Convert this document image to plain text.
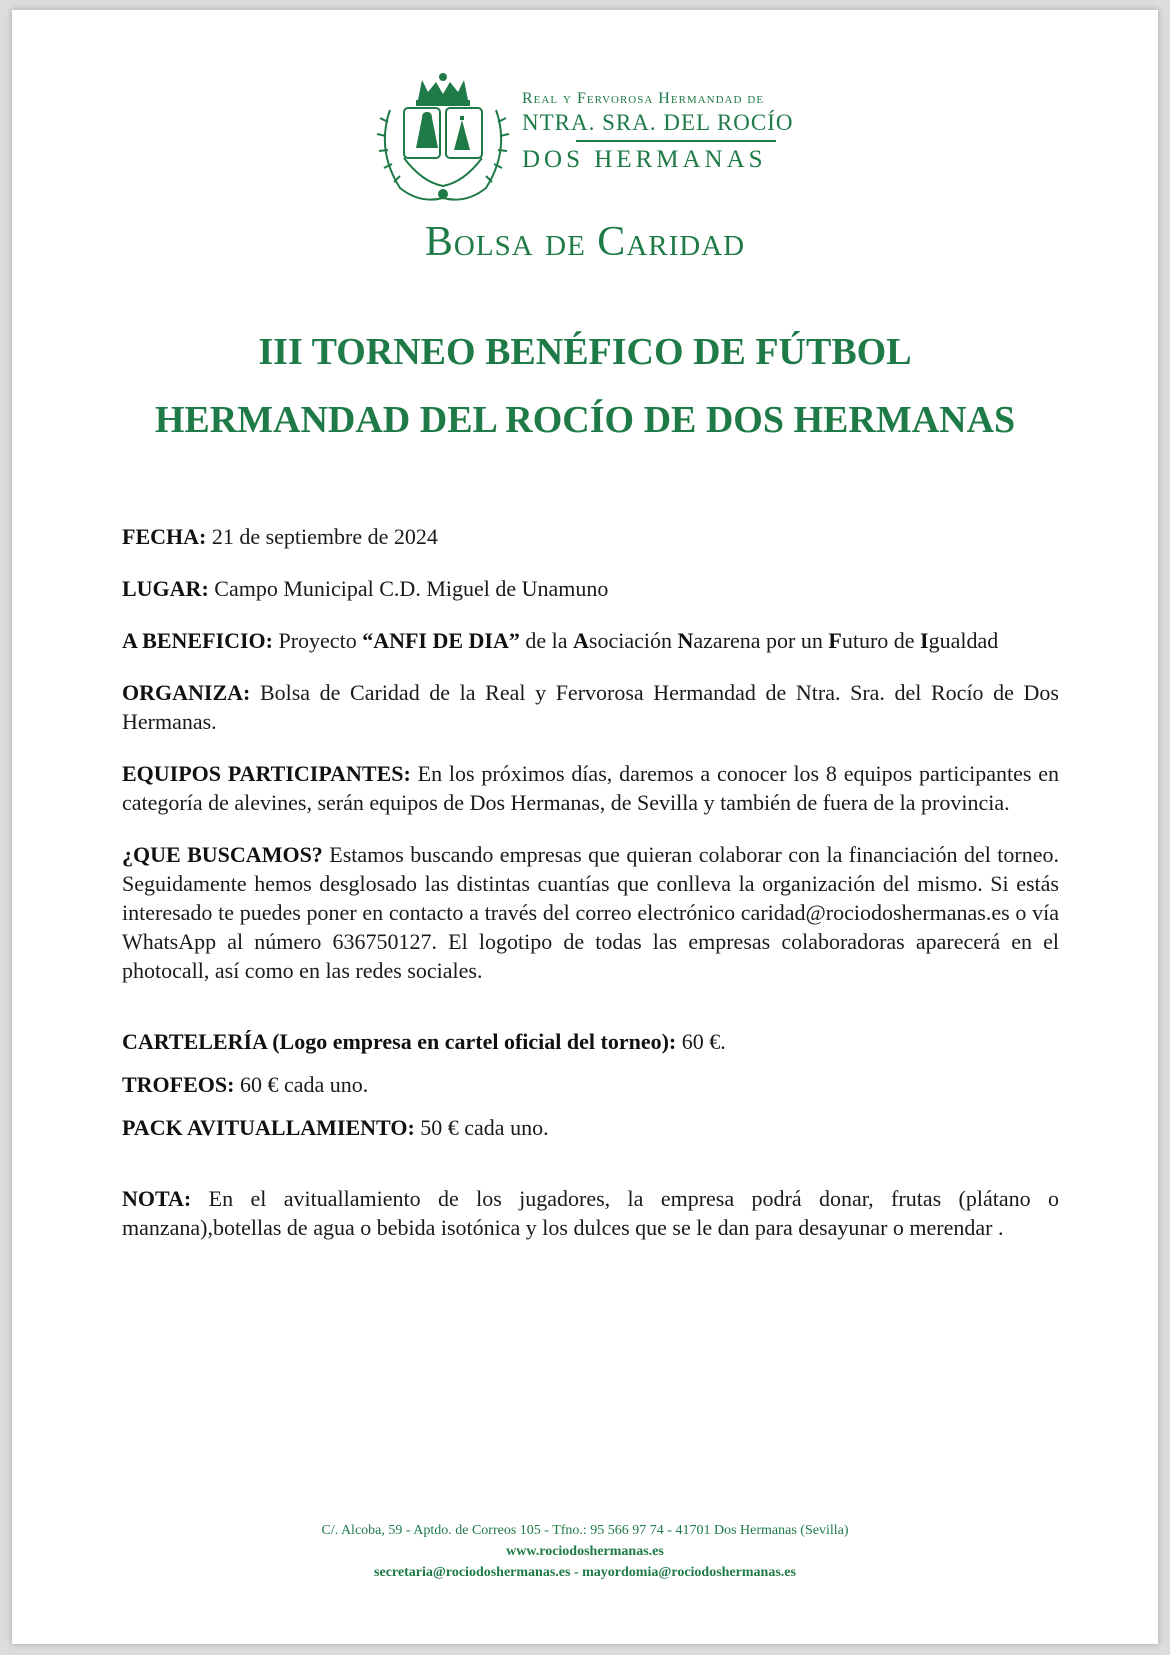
Real y Fervorosa Hermandad de
NTRA. SRA. DEL ROCÍO
DOS HERMANAS
Bolsa de Caridad
III TORNEO BENÉFICO DE FÚTBOL
HERMANDAD DEL ROCÍO DE DOS HERMANAS

FECHA: 21 de septiembre de 2024

LUGAR: Campo Municipal C.D. Miguel de Unamuno

A BENEFICIO: Proyecto “ANFI DE DIA” de la Asociación Nazarena por un Futuro de Igualdad

ORGANIZA: Bolsa de Caridad de la Real y Fervorosa Hermandad de Ntra. Sra. del Rocío de Dos Hermanas.

EQUIPOS PARTICIPANTES: En los próximos días, daremos a conocer los 8 equipos participantes en categoría de alevines, serán equipos de Dos Hermanas, de Sevilla y también de fuera de la provincia.

¿QUE BUSCAMOS? Estamos buscando empresas que quieran colaborar con la financiación del torneo. Seguidamente hemos desglosado las distintas cuantías que conlleva la organización del mismo. Si estás interesado te puedes poner en contacto a través del correo electrónico caridad@rociodoshermanas.es o vía WhatsApp al número 636750127. El logotipo de todas las empresas colaboradoras aparecerá en el photocall, así como en las redes sociales.

CARTELERÍA (Logo empresa en cartel oficial del torneo): 60 €.

TROFEOS: 60 € cada uno.

PACK AVITUALLAMIENTO: 50 € cada uno.

NOTA: En el avituallamiento de los jugadores, la empresa podrá donar, frutas (plátano o manzana),botellas de agua o bebida isotónica y los dulces que se le dan para desayunar o merendar .

C/. Alcoba, 59 - Aptdo. de Correos 105 - Tfno.: 95 566 97 74 - 41701 Dos Hermanas (Sevilla)
www.rociodoshermanas.es
secretaria@rociodoshermanas.es - mayordomia@rociodoshermanas.es
